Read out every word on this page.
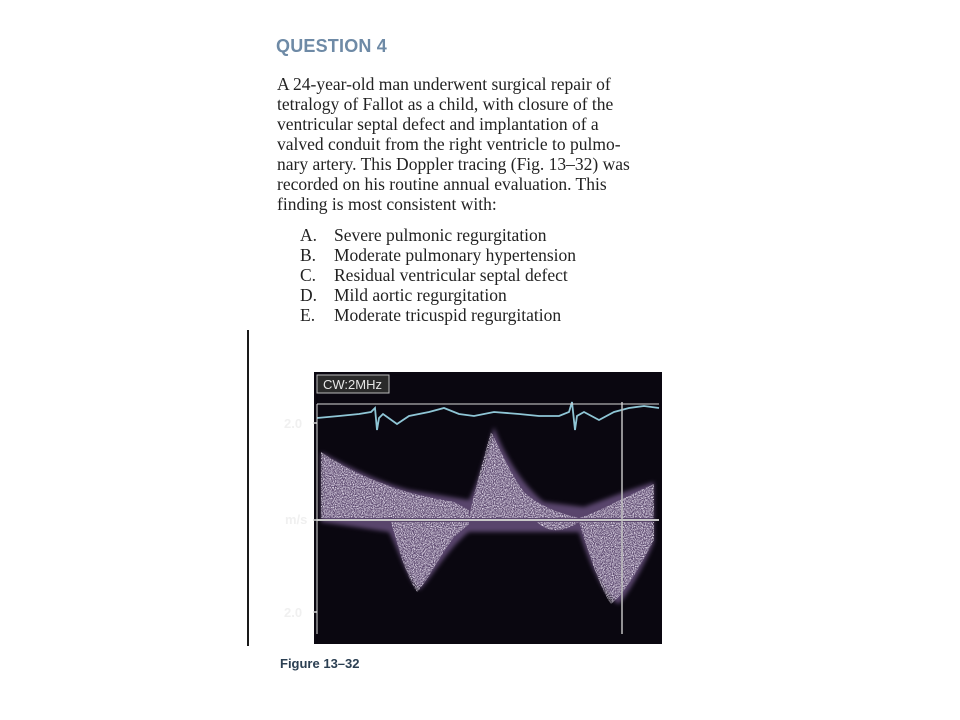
QUESTION 4
A 24-year-old man underwent surgical repair of
tetralogy of Fallot as a child, with closure of the
ventricular septal defect and implantation of a
valved conduit from the right ventricle to pulmo-
nary artery. This Doppler tracing (Fig. 13–32) was
recorded on his routine annual evaluation. This
finding is most consistent with:
A. Severe pulmonic regurgitation
B.	Moderate pulmonary hypertension
C.	Residual ventricular septal defect
D. Mild aortic regurgitation
E.	Moderate tricuspid regurgitation
CW:2MHz
2.0
m/s
2.0
Figure 13–32
